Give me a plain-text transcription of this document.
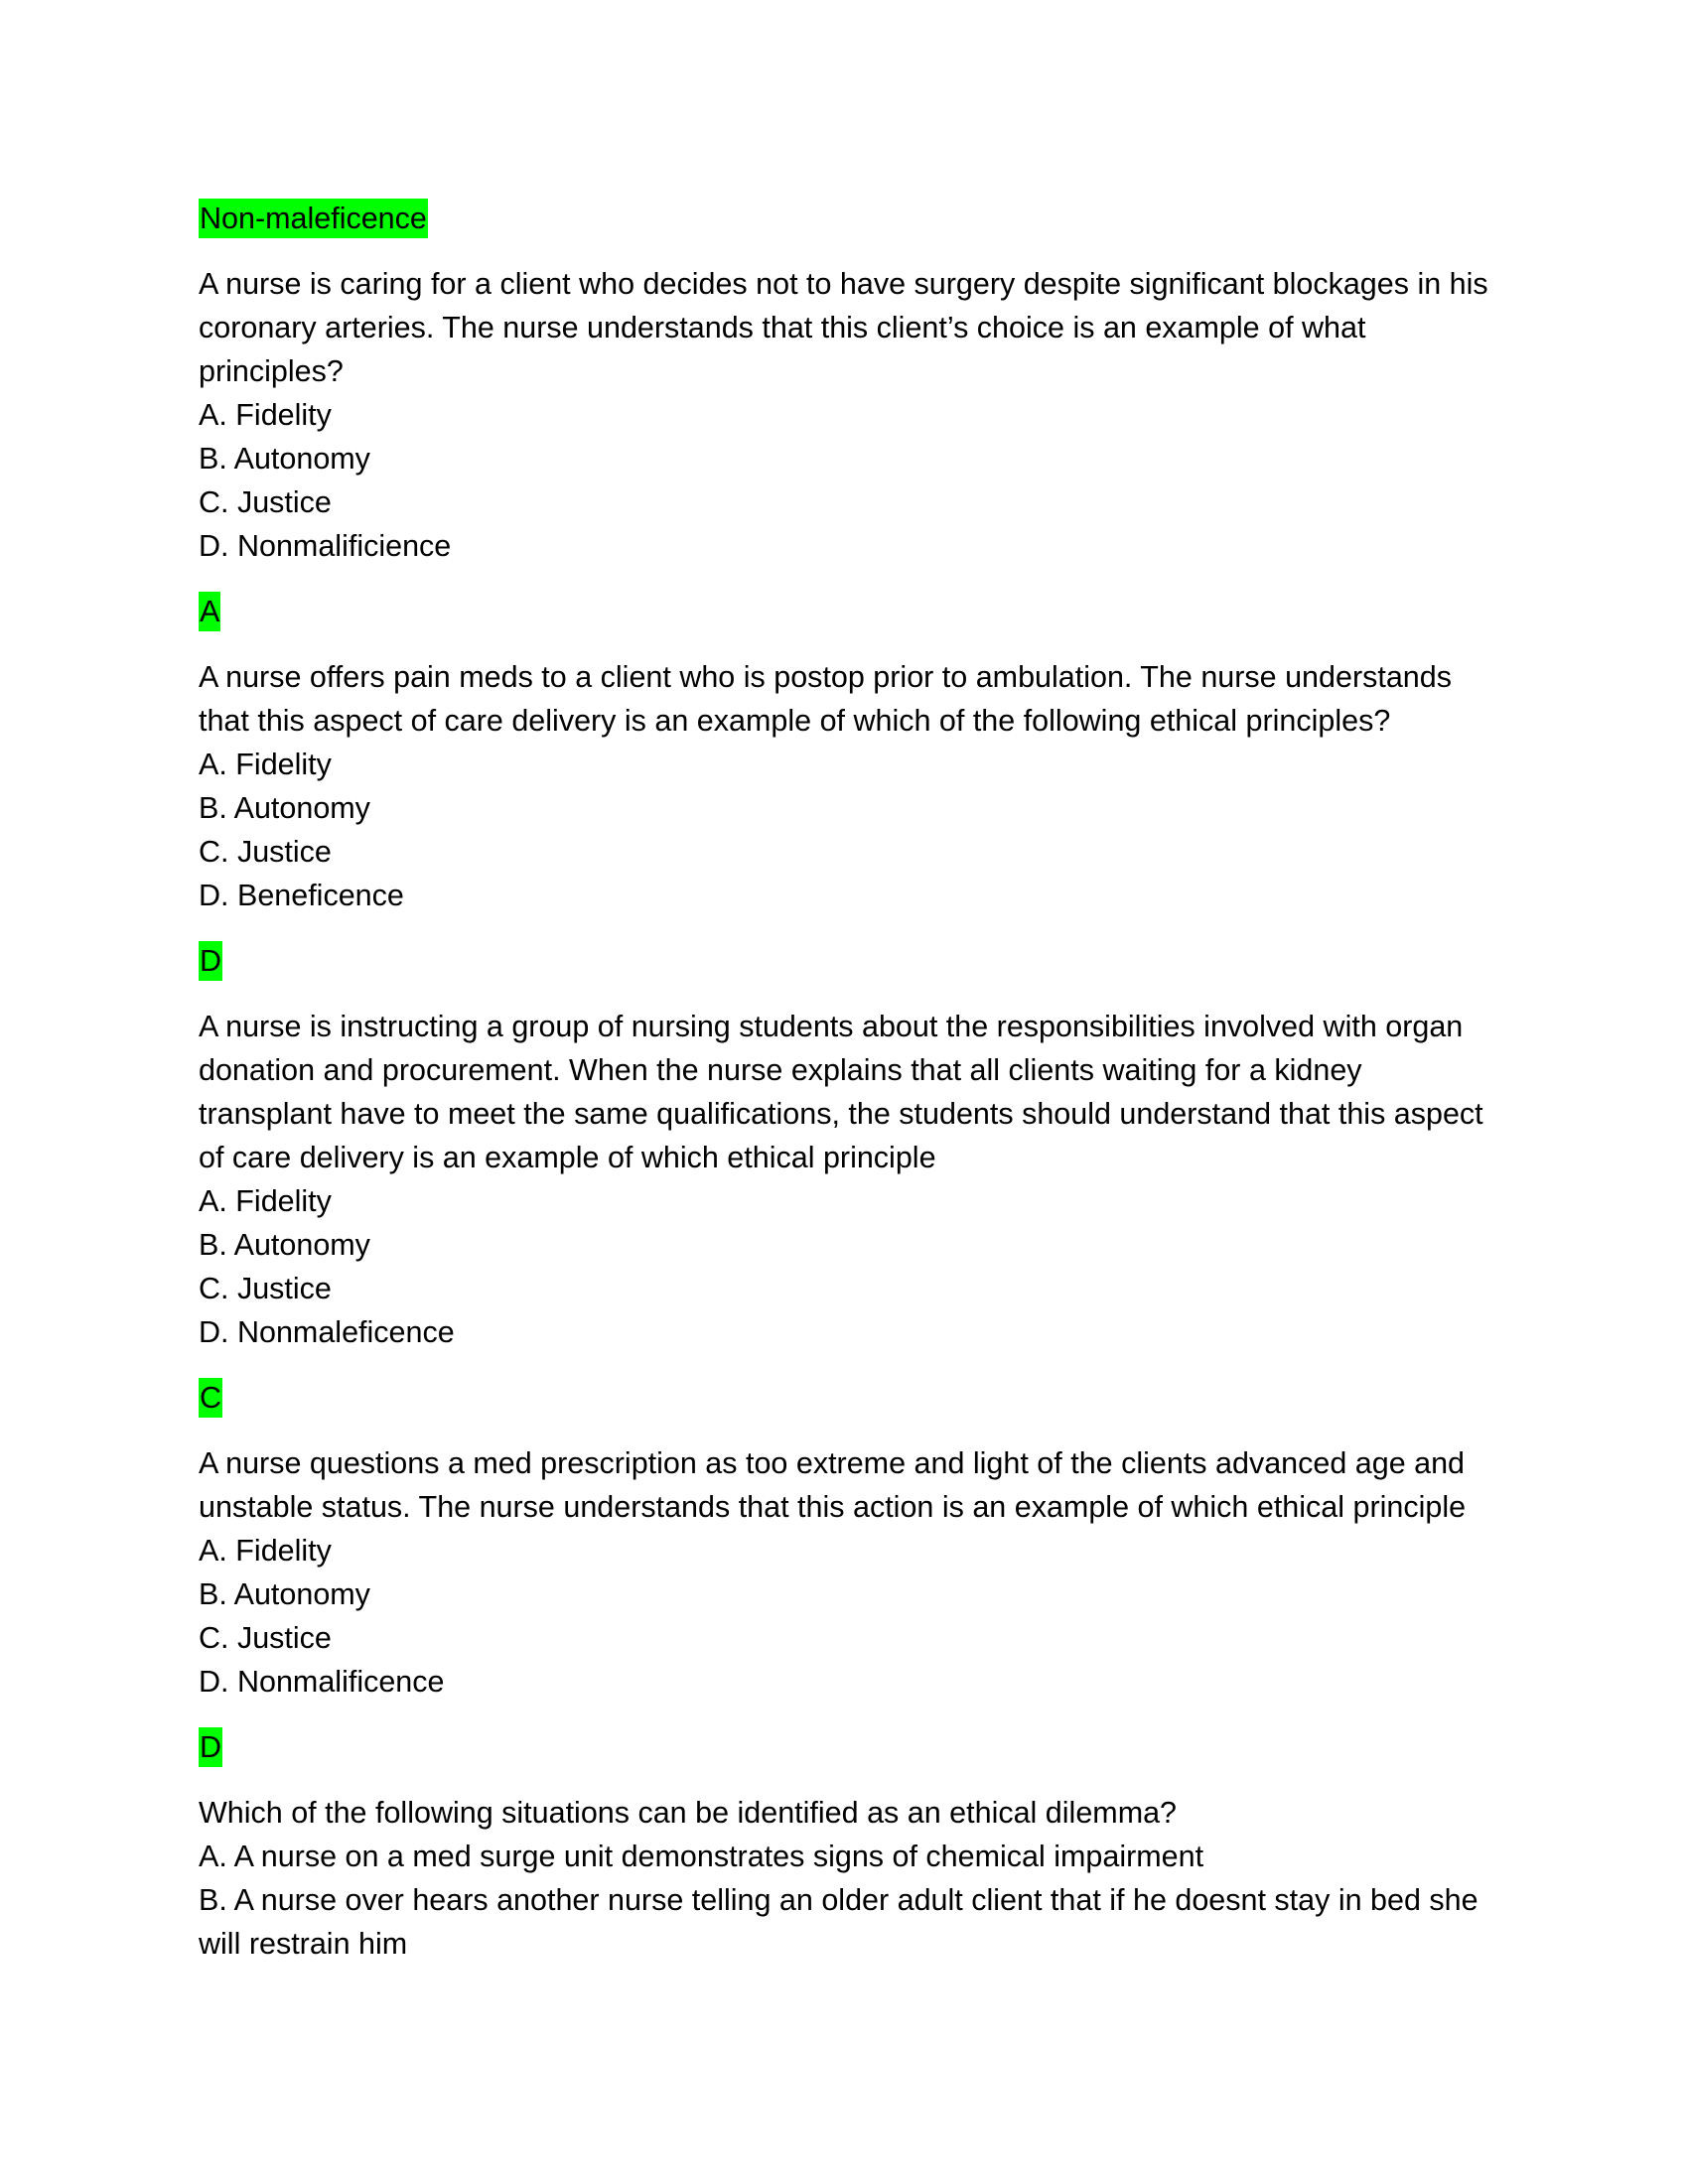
Non-maleficence

A nurse is caring for a client who decides not to have surgery despite significant blockages in his coronary arteries. The nurse understands that this client’s choice is an example of what principles?

A. Fidelity
B. Autonomy
C. Justice
D. Nonmalificience
A

A nurse offers pain meds to a client who is postop prior to ambulation. The nurse understands that this aspect of care delivery is an example of which of the following ethical principles?

A. Fidelity
B. Autonomy
C. Justice
D. Beneficence
D

A nurse is instructing a group of nursing students about the responsibilities involved with organ donation and procurement. When the nurse explains that all clients waiting for a kidney transplant have to meet the same qualifications, the students should understand that this aspect of care delivery is an example of which ethical principle

A. Fidelity
B. Autonomy
C. Justice
D. Nonmaleficence
C

A nurse questions a med prescription as too extreme and light of the clients advanced age and unstable status. The nurse understands that this action is an example of which ethical principle

A. Fidelity
B. Autonomy
C. Justice
D. Nonmalificence
D

Which of the following situations can be identified as an ethical dilemma?

A. A nurse on a med surge unit demonstrates signs of chemical impairment
B. A nurse over hears another nurse telling an older adult client that if he doesnt stay in bed she will restrain him
